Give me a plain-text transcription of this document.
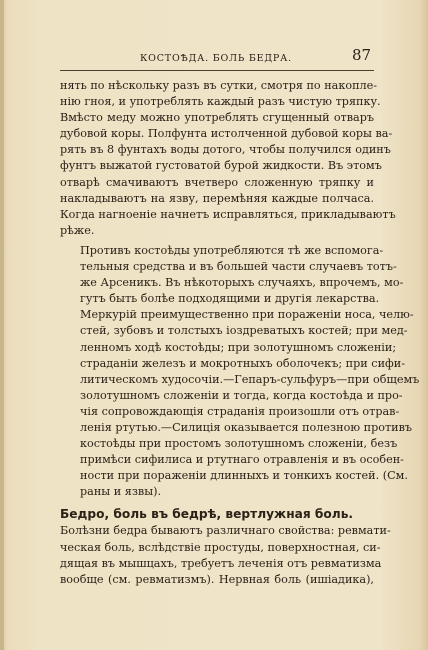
КОСТОѢДА. БОЛЬ БЕДРА.	87

нять по нѣскольку разъ въ сутки, смотря по накопле-
нію гноя, и употреблять каждый разъ чистую тряпку.
Вмѣсто меду можно употреблять сгущенный отваръ
дубовой коры. Полфунта истолченной дубовой коры ва-
рять въ 8 фунтахъ воды дотого, чтобы получился одинъ
фунтъ выжатой густоватой бурой жидкости. Въ этомъ
отварѣ смачиваютъ вчетверо сложенную тряпку и
накладываютъ на язву, перемѣняя каждые полчаса.
Когда нагноеніе начнетъ исправляться, прикладываютъ
рѣже.

Противъ костоѣды употребляются тѣ же вспомога-
тельныя средства и въ большей части случаевъ тотъ-
же Арсеникъ. Въ нѣкоторыхъ случаяхъ, впрочемъ, мо-
гутъ быть болѣе подходящими и другія лекарства.
Меркурій преимущественно при пораженіи носа, челю-
стей, зубовъ и толстыхъ іоздреватыхъ костей; при мед-
ленномъ ходѣ костоѣды; при золотушномъ сложеніи;
страданіи железъ и мокротныхъ оболочекъ; при сифи-
литическомъ худосочіи.—Гепаръ-сульфуръ—при общемъ
золотушномъ сложеніи и тогда, когда костоѣда и про-
чія сопровождающія страданія произошли отъ отрав-
ленія ртутью.—Силиція оказывается полезною противъ
костоѣды при простомъ золотушномъ сложеніи, безъ
примѣси сифилиса и ртутнаго отравленія и въ особен-
ности при пораженіи длинныхъ и тонкихъ костей. (См.
раны и язвы).

Бедро, боль въ бедрѣ, вертлужная боль.

Болѣзни бедра бываютъ различнаго свойства: ревмати-
ческая боль, вслѣдствіе простуды, поверхностная, си-
дящая въ мышцахъ, требуетъ леченія отъ ревматизма
вообще (см. ревматизмъ). Нервная боль (ишіадика),
